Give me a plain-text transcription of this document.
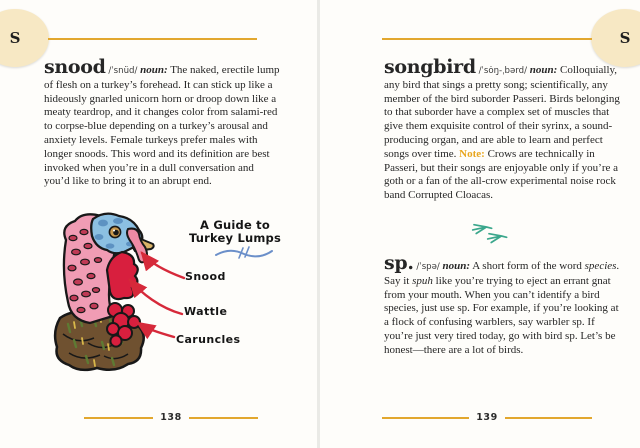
S

snood /ˈsnüd/ noun: The naked, erectile lump of flesh on a turkey’s forehead. It can stick up like a hideously gnarled unicorn horn or droop down like a meaty teardrop, and it changes color from salami-red to corpse-blue depending on a turkey’s arousal and anxiety levels. Female turkeys prefer males with longer snoods. This word and its definition are best invoked when you’re in a dull conversation and you’d like to bring it to an abrupt end.

A Guide to
Turkey Lumps
Snood
Wattle
Caruncles
138
S

songbird /ˈsȯŋ-ˌbərd/ noun: Colloquially, any bird that sings a pretty song; scientifically, any member of the bird suborder Passeri. Birds belonging to that suborder have a complex set of muscles that give them exquisite control of their syrinx, a sound-producing organ, and are able to learn and perfect songs over time. Note: Crows are technically in Passeri, but their songs are enjoyable only if you’re a goth or a fan of the all-crow experimental noise rock band Corrupted Cloacas.

sp. /ˈspə/ noun: A short form of the word species. Say it spuh like you’re trying to eject an errant gnat from your mouth. When you can’t identify a bird species, just use sp. For example, if you’re looking at a flock of confusing warblers, say warbler sp. If you’re just very tired today, go with bird sp. Let’s be honest—there are a lot of birds.

139
